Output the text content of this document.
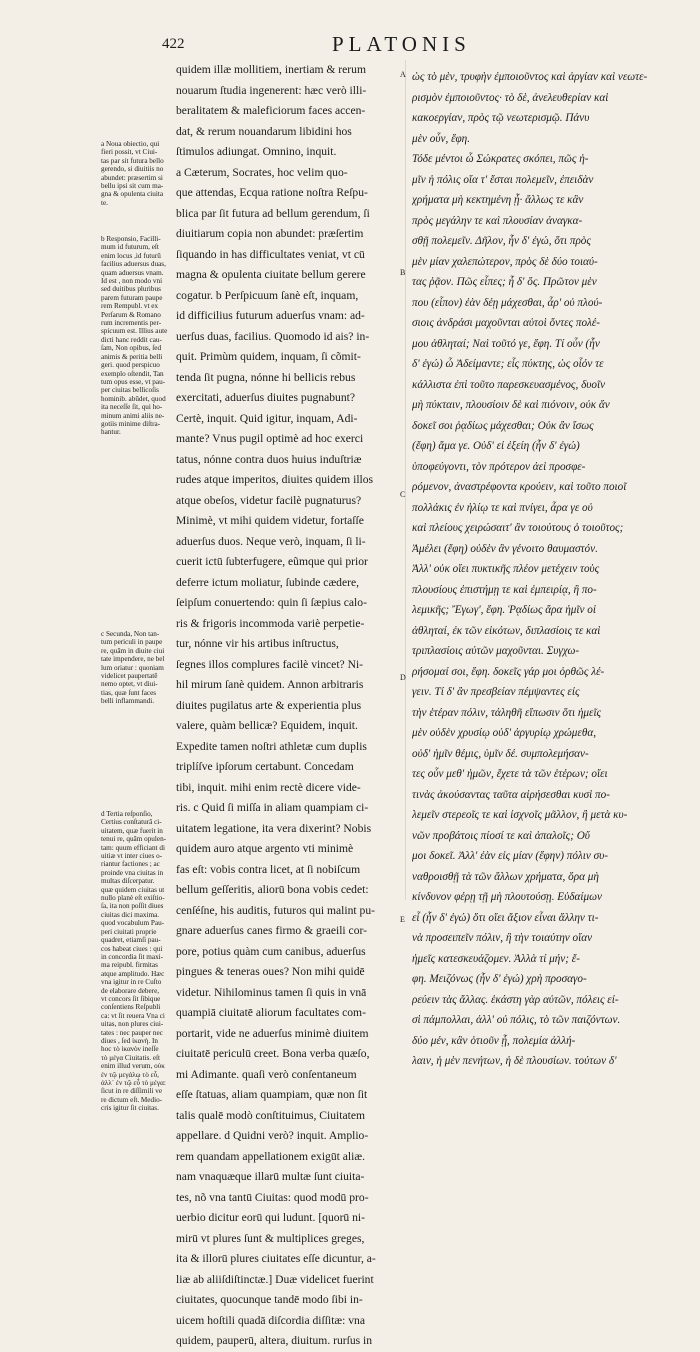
422	PLATONIS
a Noua obiectio, qui
fieri possit, vt Ciui-
tas par sit futura bello
gerendo, si diuitiis no
abundet: præsertim si
bellu ipsi sit cum ma-
gna & opulenta ciuita
te.
b Responsio, Facilli-
mum id futurum, eſt
enim locus ,id futurū
facilius aduersus duas,
quam aduersus vnam.
Id est , non modo vni
sed duitibus pluribus
parem futuram paupe
rem Rempubl. vt ex
Perſarum & Romano
rum incrementis per-
spicuum est. Illius aute
dicti hanc reddit cau-
ſam, Non opibus, ſed
animis & peritia belli
geri. quod perspicuo
exemplo oſtendit, Tan
tum opus esse, vt pau-
per ciuitas bellicoſis
hominib. abūdet, quod
ita neceſſe ſit, qui ho-
minum animi aliis ne-
gotiis minime diſtra-
hantur.
c Secunda, Non tan-
tum periculi in paupe
re, quām in diuite ciui
tate impendere, ne bel
lum oriatur : quoniam
videlicet paupertatē
nemo optet, vt diui-
tias, quæ ſunt faces
belli inflammandi.
d Tertia reſponſio,
Certius conſtaturā ci-
uitatem, quæ fuerit in
tenui re, quām opulen-
tam: quum efficiant di
uitiæ vt inter ciues o-
riantur factiones ; ac
proinde vna ciuitas in
multas diſcerpatur.
quæ quidem ciuitas ut
nullo planè eſt exiſtio-
ſa, ita non poſſit diues
ciuitas dici maxima.
quod vocabulum Pau-
peri ciuitati proprie
quadret, etiamſi pau-
cos habeat ciues : qui
in concordia ſit maxi-
ma reipubl. firmitas
atque amplitudo. Hæc
vna igitur in re Cuſto
de elaborare debere,
vt concors ſit ſibique
conſentiens Reſpubli
ca: vt ſit reuera Vna ci
uitas, non plures ciui-
tates : nec pauper nec
diues , ſed ἱκανὴ. In
hoc τὸ ἱκανὸν ineſſe
τὸ μέγα Ciuitatis. eſt
enim illud verum, οὐκ
ἐν τῷ μεγάλῳ τὸ εὖ,
ἀλλ᾽ ἐν τῷ εὖ τὸ μέγα:
ſicut in re diſſimili ve
re dictum eſt. Medio-
cris igitur ſit ciuitas.
quidem illæ mollitiem, inertiam & rerum
nouarum ſtudia ingenerent: hæc verò illi-
beralitatem & maleficiorum faces accen-
dat, & rerum nouandarum libidini hos
ſtimulos adiungat. Omnino, inquit.
a Cæterum, Socrates, hoc velim quo-
que attendas, Ecqua ratione noſtra Reſpu-
blica par ſit futura ad bellum gerendum, ſi
diuitiarum copia non abundet: præſertim
ſiquando in has difficultates veniat, vt cū
magna & opulenta ciuitate bellum gerere
cogatur. b Perſpicuum ſanè eſt, inquam,
id difficilius futurum aduerſus vnam: ad-
uerſus duas, facilius. Quomodo id ais? in-
quit. Primùm quidem, inquam, ſi cõmit-
tenda ſit pugna, nónne hi bellicis rebus
exercitati, aduerſus diuites pugnabunt?
Certè, inquit. Quid igitur, inquam, Adi-
mante? Vnus pugil optimè ad hoc exerci
tatus, nónne contra duos huius induſtriæ
rudes atque imperitos, diuites quidem illos
atque obeſos, videtur facilè pugnaturus?
Minimè, vt mihi quidem videtur, fortaſſe
aduerſus duos. Neque verò, inquam, ſi li-
cuerit ictū ſubterfugere, eũmque qui prior
deferre ictum moliatur, ſubinde cædere,
ſeipſum conuertendo: quin ſi ſæpius calo-
ris & frigoris incommoda variè perpetie-
tur, nónne vir his artibus inſtructus,
ſegnes illos complures facilè vincet? Ni-
hil mirum ſanè quidem. Annon arbitraris
diuites pugilatus arte & experientia plus
valere, quàm bellicæ? Equidem, inquit.
Expedite tamen noſtri athletæ cum duplis
triplíſve ipſorum certabunt. Concedam
tibi, inquit. mihi enim rectè dicere vide-
ris. c Quid ſi miſſa in aliam quampiam ci-
uitatem legatione, ita vera dixerint? Nobis
quidem auro atque argento vti minimè
fas eſt: vobis contra licet, at ſi nobiſcum
bellum geſſeritis, aliorū bona vobis cedet:
cenſéſne, his auditis, futuros qui malint pu-
gnare aduerſus canes firmo & graeili cor-
pore, potius quàm cum canibus, aduerſus
pingues & teneras oues? Non mihi quidē
videtur. Nihilominus tamen ſi quis in vnā
quampiā ciuitatē aliorum facultates com-
portarit, vide ne aduerſus minimè diuitem
ciuitatē periculū creet. Bona verba quæſo,
mi Adimante. quaſi verò conſentaneum
eſſe ſtatuas, aliam quampiam, quæ non ſit
talis qualē modò conſtituimus, Ciuitatem
appellare. d Quidni verò? inquit. Amplio-
rem quandam appellationem exigūt aliæ.
nam vnaquæque illarū multæ ſunt ciuita-
tes, nõ vna tantū Ciuitas: quod modū pro-
uerbio dicitur eorū qui ludunt. [quorū ni-
mirū vt plures ſunt & multiplices greges,
ita & illorū plures ciuitates eſſe dicuntur, a-
liæ ab aliiſdiſtinctæ.] Duæ videlicet fuerint
ciuitates, quocunque tandē modo ſibi in-
uicem hoſtili quadā diſcordia diſſitæ: vna
quidem, pauperū, altera, diuitum. rurſus in
A
B
C
D
E
ὡς τὸ μὲν, τρυφὴν ἐμποιοῦντος καὶ ἀργίαν καὶ νεωτε-
ρισμὸν ἐμποιοῦντος· τὸ δὲ, ἀνελευθερίαν καὶ
κακοεργίαν, πρὸς τῷ νεωτερισμῷ. Πάνυ
μὲν οὖν, ἔφη.
Τόδε μέντοι ὦ Σώκρατες σκόπει, πῶς ἡ-
μῖν ἡ πόλις οἵα τ' ἔσται πολεμεῖν, ἐπειδὰν
χρήματα μὴ κεκτημένη ᾖ· ἄλλως τε κἂν
πρὸς μεγάλην τε καὶ πλουσίαν ἀναγκα-
σθῇ πολεμεῖν. Δῆλον, ἦν δ' ἐγώ, ὅτι πρὸς
μὲν μίαν χαλεπώτερον, πρὸς δὲ δύο τοιαύ-
τας ῥᾷον. Πῶς εἶπες; ἦ δ' ὅς. Πρῶτον μὲν
που (εἶπον) ἐὰν δέῃ μάχεσθαι, ἆρ' οὐ πλού-
σιοις ἀνδράσι μαχοῦνται αὐτοὶ ὄντες πολέ-
μου ἀθληταί; Ναὶ τοῦτό γε, ἔφη. Τί οὖν (ἦν
δ' ἐγώ) ὦ Ἀδείμαντε; εἷς πύκτης, ὡς οἷόν τε
κάλλιστα ἐπὶ τοῦτο παρεσκευασμένος, δυοῖν
μὴ πύκταιν, πλουσίοιν δὲ καὶ πιόνοιν, οὐκ ἄν
δοκεῖ σοι ῥᾳδίως μάχεσθαι; Οὐκ ἂν ἴσως
(ἔφη) ἅμα γε. Οὐδ' εἰ ἐξείη (ἦν δ' ἐγώ)
ὑποφεύγοντι, τὸν πρότερον ἀεὶ προσφε-
ρόμενον, ἀναστρέφοντα κρούειν, καὶ τοῦτο ποιοῖ
πολλάκις ἐν ἡλίῳ τε καὶ πνίγει, ἆρα γε οὐ
καὶ πλείους χειρώσαιτ' ἂν τοιούτους ὁ τοιοῦτος;
Ἀμέλει (ἔφη) οὐδὲν ἂν γένοιτο θαυμαστόν.
Ἀλλ' οὐκ οἴει πυκτικῆς πλέον μετέχειν τοὺς
πλουσίους ἐπιστήμῃ τε καὶ ἐμπειρίᾳ, ἢ πο-
λεμικῆς; Ἔγωγ', ἔφη. Ῥᾳδίως ἄρα ἡμῖν οἱ
ἀθληταί, ἐκ τῶν εἰκότων, διπλασίοις τε καὶ
τριπλασίοις αὐτῶν μαχοῦνται. Συγχω-
ρήσομαί σοι, ἔφη. δοκεῖς γάρ μοι ὀρθῶς λέ-
γειν. Τί δ' ἂν πρεσβείαν πέμψαντες εἰς
τὴν ἑτέραν πόλιν, τἀληθῆ εἴπωσιν ὅτι ἡμεῖς
μὲν οὐδὲν χρυσίῳ οὐδ' ἀργυρίῳ χρώμεθα,
οὐδ' ἡμῖν θέμις, ὑμῖν δέ. συμπολεμήσαν-
τες οὖν μεθ' ἡμῶν, ἔχετε τὰ τῶν ἑτέρων; οἴει
τινὰς ἀκούσαντας ταῦτα αἱρήσεσθαι κυσὶ πο-
λεμεῖν στερεοῖς τε καὶ ἰσχνοῖς μᾶλλον, ἢ μετὰ κυ-
νῶν προβάτοις πίοσί τε καὶ ἁπαλοῖς; Οὔ
μοι δοκεῖ. Ἀλλ' ἐὰν εἰς μίαν (ἔφην) πόλιν συ-
ναθροισθῇ τὰ τῶν ἄλλων χρήματα, ὅρα μὴ
κίνδυνον φέρῃ τῇ μὴ πλουτούσῃ. Εὐδαίμων
εἶ (ἦν δ' ἐγώ) ὅτι οἴει ἄξιον εἶναι ἄλλην τι-
νὰ προσειπεῖν πόλιν, ἢ τὴν τοιαύτην οἵαν
ἡμεῖς κατεσκευάζομεν. Ἀλλὰ τί μήν; ἔ-
φη. Μειζόνως (ἦν δ' ἐγώ) χρὴ προσαγο-
ρεύειν τὰς ἄλλας. ἑκάστη γὰρ αὐτῶν, πόλεις εἰ-
σὶ πάμπολλαι, ἀλλ' οὐ πόλις, τὸ τῶν παιζόντων.
δύο μέν, κἂν ὁτιοῦν ᾖ, πολεμία ἀλλή-
λαιν, ἡ μὲν πενήτων, ἡ δὲ πλουσίων. τούτων δ'
